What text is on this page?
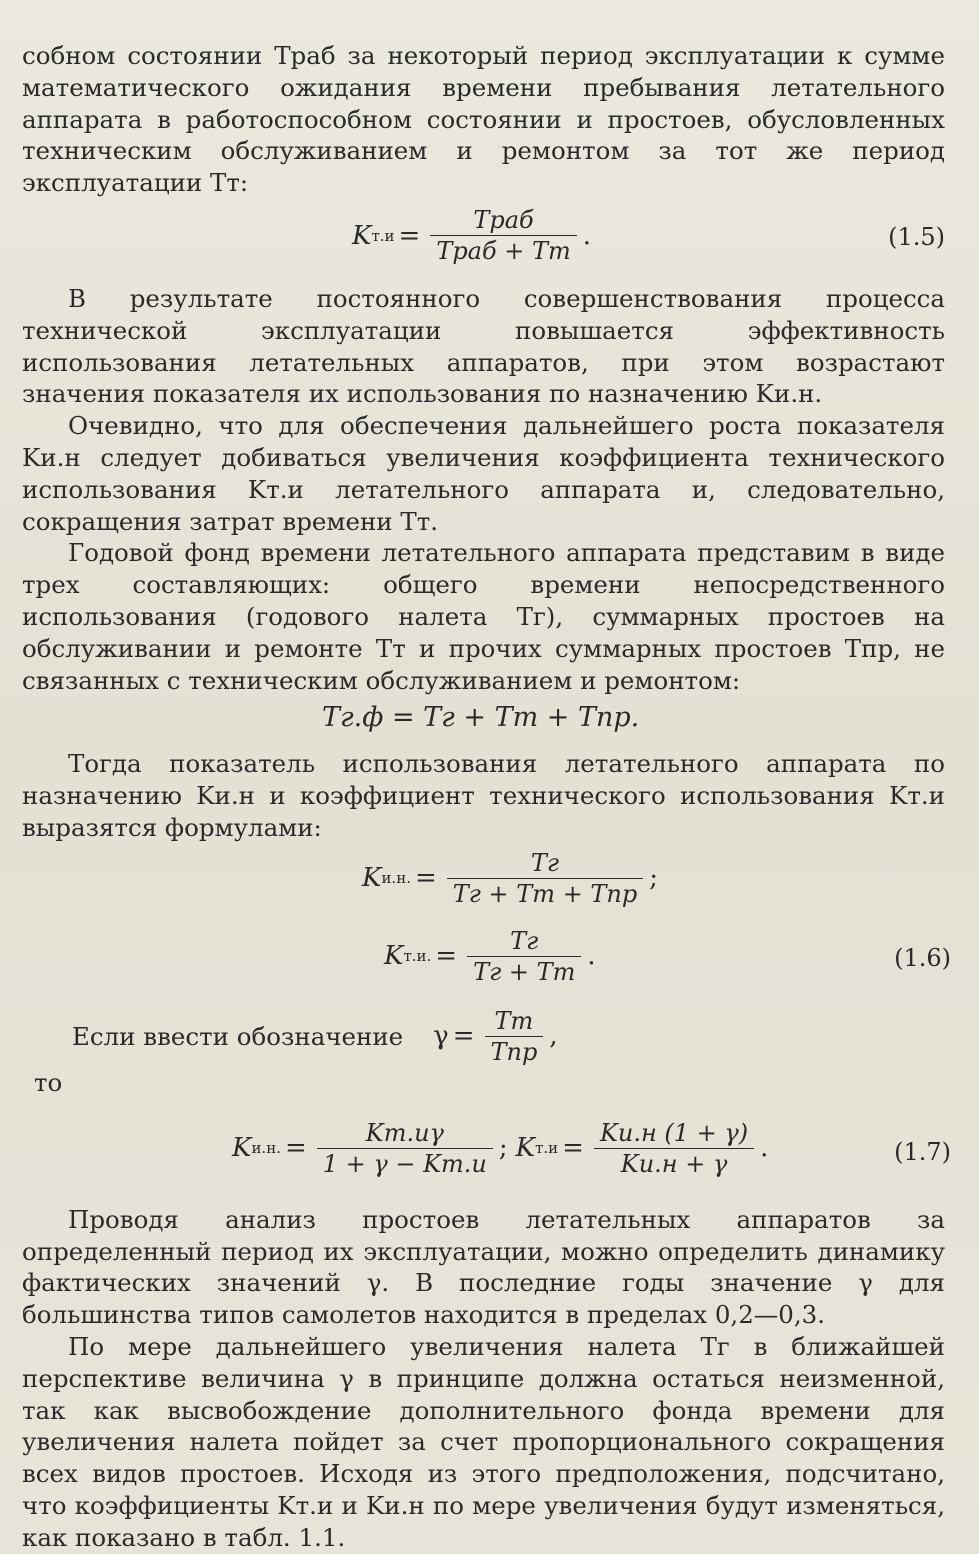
собном состоянии Tраб за некоторый период эксплуатации к сумме математического ожидания времени пребывания летательного аппарата в работоспособном состоянии и простоев, обусловленных техническим обслуживанием и ремонтом за тот же период эксплуатации Tт:

K $т.и = \frac{\text{Tраб}}{\text{Tраб + Tт}}$ .	(1.5)

В результате постоянного совершенствования процесса технической эксплуатации повышается эффективность использования летательных аппаратов, при этом возрастают значения показателя их использования по назначению Kи.н.

Очевидно, что для обеспечения дальнейшего роста показателя Kи.н следует добиваться увеличения коэффициента технического использования Kт.и летательного аппарата и, следовательно, сокращения затрат времени Tт.

Годовой фонд времени летательного аппарата представим в виде трех составляющих: общего времени непосредственного использования (годового налета Tг), суммарных простоев на обслуживании и ремонте Tт и прочих суммарных простоев Tпр, не связанных с техническим обслуживанием и ремонтом:

Tг.ф = Tг + Tт + Tпр.

Тогда показатель использования летательного аппарата по назначению Kи.н и коэффициент технического использования Kт.и выразятся формулами:

K и.н. = $\frac{Tг}{\text{Tг + Tт + Tпр}}$ ;
K т.и. = $\frac{Tг}{Tг + Tт}$ .	(1.6)
Если ввести обозначение $\gamma = \frac{Tт}{\text{Tпр}}$ ,
то
K и.н. = $\frac{Kт.и\gamma}{1 + \gamma - Kт.и}$ ; K $т.и = \frac{Kи.н (1 + \gamma)}{Kи.н + \gamma}$ .	(1.7)

Проводя анализ простоев летательных аппаратов за определенный период их эксплуатации, можно определить динамику фактических значений γ. В последние годы значение γ для большинства типов самолетов находится в пределах 0,2—0,3.

По мере дальнейшего увеличения налета Tг в ближайшей перспективе величина γ в принципе должна остаться неизменной, так как высвобождение дополнительного фонда времени для увеличения налета пойдет за счет пропорционального сокращения всех видов простоев. Исходя из этого предположения, подсчитано, что коэффициенты Kт.и и Kи.н по мере увеличения будут изменяться, как показано в табл. 1.1.
